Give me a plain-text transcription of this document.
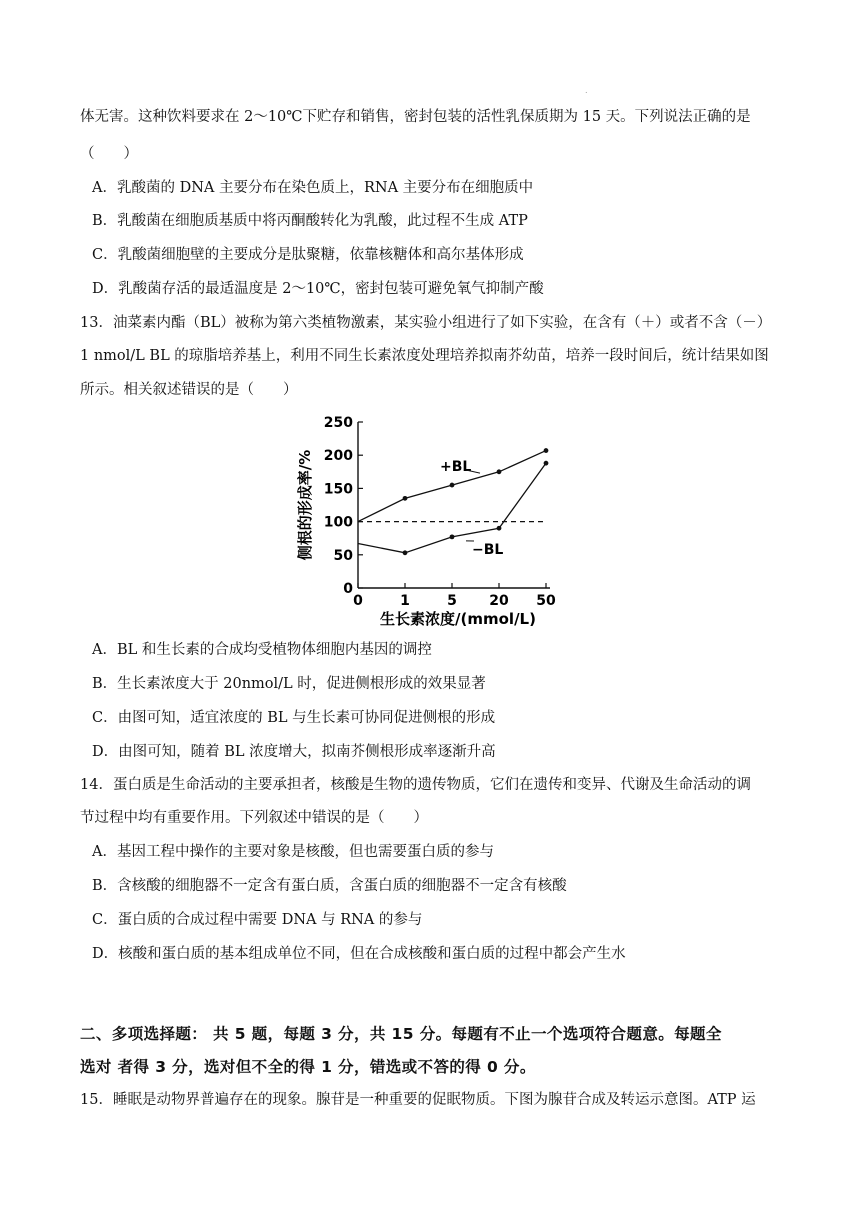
.
体无害。这种饮料要求在 2～10℃下贮存和销售，密封包装的活性乳保质期为 15 天。下列说法正确的是
（　　）
A．乳酸菌的 DNA 主要分布在染色质上，RNA 主要分布在细胞质中
B．乳酸菌在细胞质基质中将丙酮酸转化为乳酸，此过程不生成 ATP
C．乳酸菌细胞壁的主要成分是肽聚糖，依靠核糖体和高尔基体形成
D．乳酸菌存活的最适温度是 2～10℃，密封包装可避免氧气抑制产酸
13．油菜素内酯（BL）被称为第六类植物激素，某实验小组进行了如下实验，在含有（＋）或者不含（－）
1 nmol/L BL 的琼脂培养基上，利用不同生长素浓度处理培养拟南芥幼苗，培养一段时间后，统计结果如图
所示。相关叙述错误的是（　　）
0
50
100
150
200
250
0	1	5 20 50
+BL
−BL
生长素浓度/(mmol/L)
侧根的形成率/%
A．BL 和生长素的合成均受植物体细胞内基因的调控
B．生长素浓度大于 20nmol/L 时，促进侧根形成的效果显著
C．由图可知，适宜浓度的 BL 与生长素可协同促进侧根的形成
D．由图可知，随着 BL 浓度增大，拟南芥侧根形成率逐渐升高
14．蛋白质是生命活动的主要承担者，核酸是生物的遗传物质，它们在遗传和变异、代谢及生命活动的调
节过程中均有重要作用。下列叙述中错误的是（　　）
A．基因工程中操作的主要对象是核酸，但也需要蛋白质的参与
B．含核酸的细胞器不一定含有蛋白质，含蛋白质的细胞器不一定含有核酸
C．蛋白质的合成过程中需要 DNA 与 RNA 的参与
D．核酸和蛋白质的基本组成单位不同，但在合成核酸和蛋白质的过程中都会产生水
二、多项选择题： 共 5 题，每题 3 分，共 15 分。每题有不止一个选项符合题意。每题全
选对 者得 3 分，选对但不全的得 1 分，错选或不答的得 0 分。
15．睡眠是动物界普遍存在的现象。腺苷是一种重要的促眠物质。下图为腺苷合成及转运示意图。ATP 运
